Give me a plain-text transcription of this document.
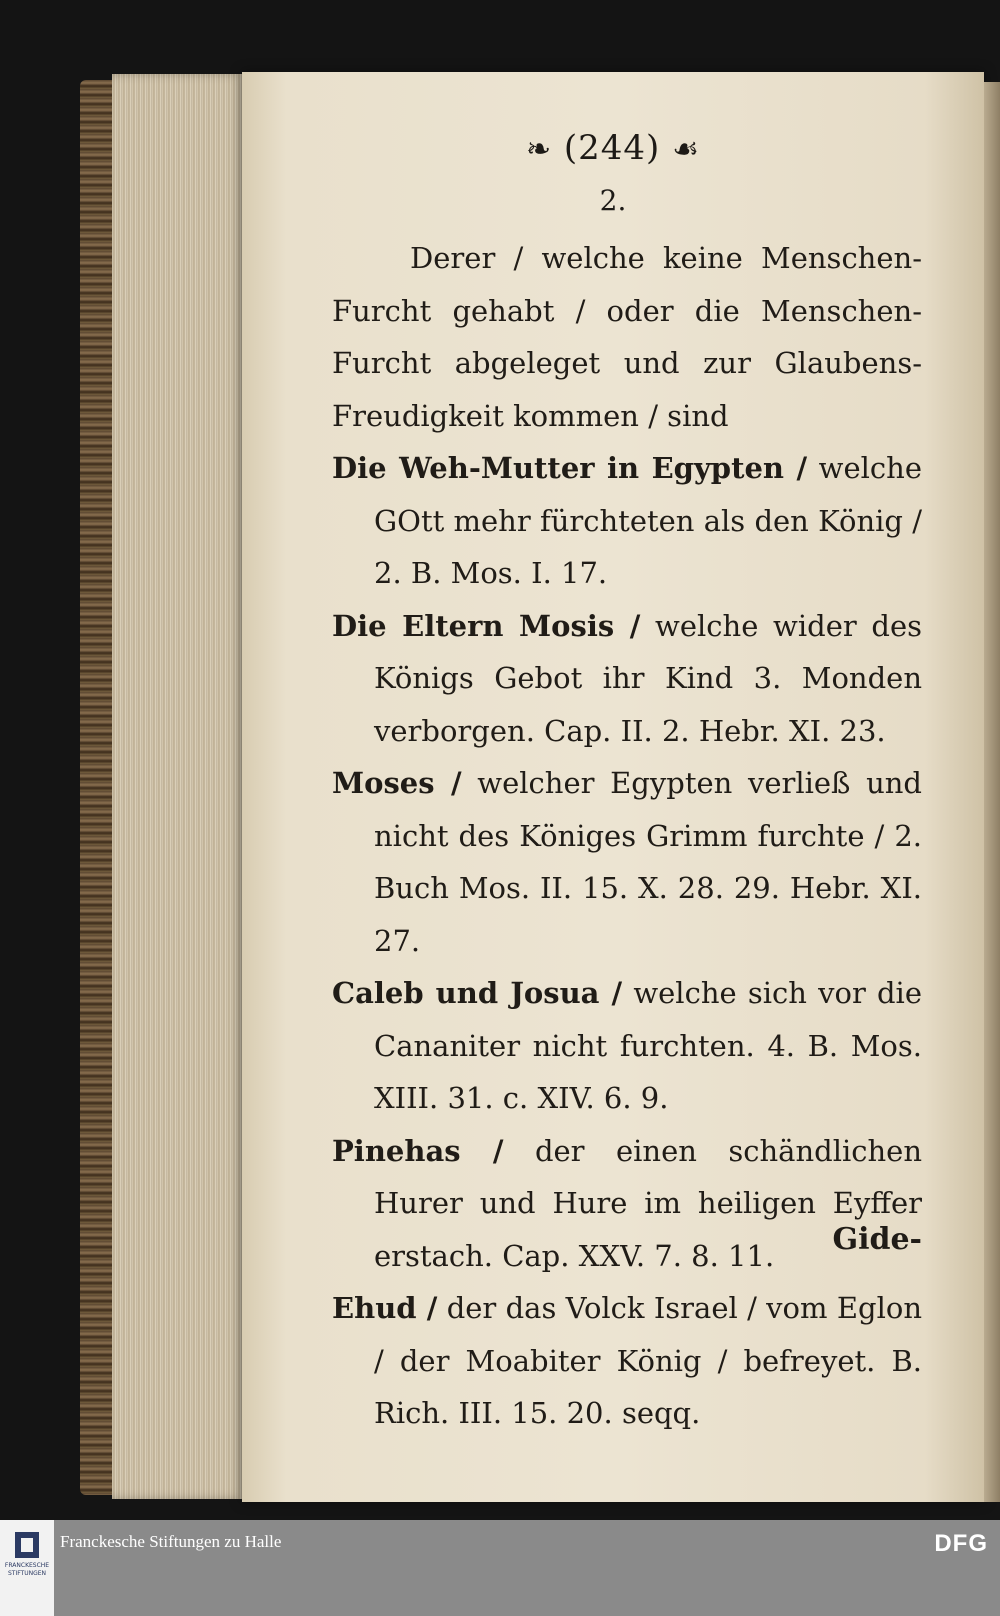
❧ (244) ☙
2.

Derer / welche keine Menschen-Furcht gehabt / oder die Menschen-Furcht abgeleget und zur Glaubens-Freudigkeit kommen / sind

Die Weh-Mutter in Egypten / welche GOtt mehr fürchteten als den König / 2. B. Mos. I. 17.

Die Eltern Mosis / welche wider des Königs Gebot ihr Kind 3. Monden verborgen. Cap. II. 2. Hebr. XI. 23.

Moses / welcher Egypten verließ und nicht des Königes Grimm furchte / 2. Buch Mos. II. 15. X. 28. 29. Hebr. XI. 27.

Caleb und Josua / welche sich vor die Cananiter nicht furchten. 4. B. Mos. XIII. 31. c. XIV. 6. 9.

Pinehas / der einen schändlichen Hurer und Hure im heiligen Eyffer erstach. Cap. XXV. 7. 8. 11.

Ehud / der das Volck Israel / vom Eglon / der Moabiter König / befreyet. B. Rich. III. 15. 20. seqq.

Gide-
FRANCKESCHE STIFTUNGEN
Franckesche Stiftungen zu Halle	DFG
